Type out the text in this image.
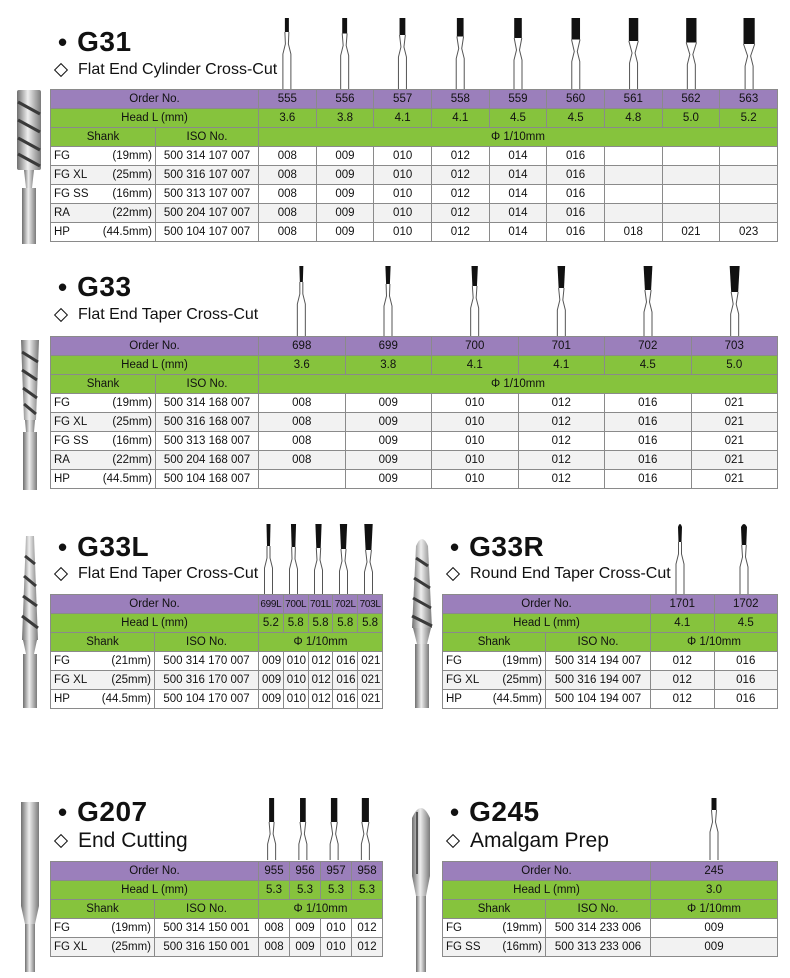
• G31
Flat End Cylinder Cross-Cut
Order No.		555	556	557	558	559	560	561	562	563
Head L (mm)		3.6	3.8	4.1	4.1	4.5	4.5	4.8	5.0	5.2
Shank	ISO No.	Φ 1/10mm								

FG (19mm)	500 314 107 007	008	009	010	012	014	016			

FG XL (25mm)	500 316 107 007	008	009	010	012	014	016			

FG SS (16mm)	500 313 107 007	008	009	010	012	014	016			

RA (22mm)	500 204 107 007	008	009	010	012	014	016			

HP (44.5mm)	500 104 107 007	008	009	010	012	014	016	018	021	023
• G33
Flat End Taper Cross-Cut
Order No.		698	699	700	701	702	703
Head L (mm)		3.6	3.8	4.1	4.1	4.5	5.0
Shank	ISO No.	Φ 1/10mm					

FG (19mm)	500 314 168 007	008	009	010	012	016	021

FG XL (25mm)	500 316 168 007	008	009	010	012	016	021

FG SS (16mm)	500 313 168 007	008	009	010	012	016	021

RA (22mm)	500 204 168 007	008	009	010	012	016	021

HP (44.5mm)	500 104 168 007		009	010	012	016	021
• G33L
Flat End Taper Cross-Cut
Order No.		699L	700L	701L	702L	703L
Head L (mm)		5.2	5.8	5.8	5.8	5.8
Shank	ISO No.	Φ 1/10mm				

FG (21mm)	500 314 170 007	009	010	012	016	021

FG XL (25mm)	500 316 170 007	009	010	012	016	021

HP (44.5mm)	500 104 170 007	009	010	012	016	021
• G33R
Round End Taper Cross-Cut
Order No.		1701	1702
Head L (mm)		4.1	4.5
Shank	ISO No.	Φ 1/10mm	

FG (19mm)	500 314 194 007	012	016

FG XL (25mm)	500 316 194 007	012	016

HP (44.5mm)	500 104 194 007	012	016
• G207
End Cutting
Order No.		955	956	957	958
Head L (mm)		5.3	5.3	5.3	5.3
Shank	ISO No.	Φ 1/10mm			

FG (19mm)	500 314 150 001	008	009	010	012

FG XL (25mm)	500 316 150 001	008	009	010	012
• G245
Amalgam Prep
Order No.		245
Head L (mm)		3.0
Shank	ISO No.	Φ 1/10mm

FG (19mm)	500 314 233 006	009

FG SS (16mm)	500 313 233 006	009
